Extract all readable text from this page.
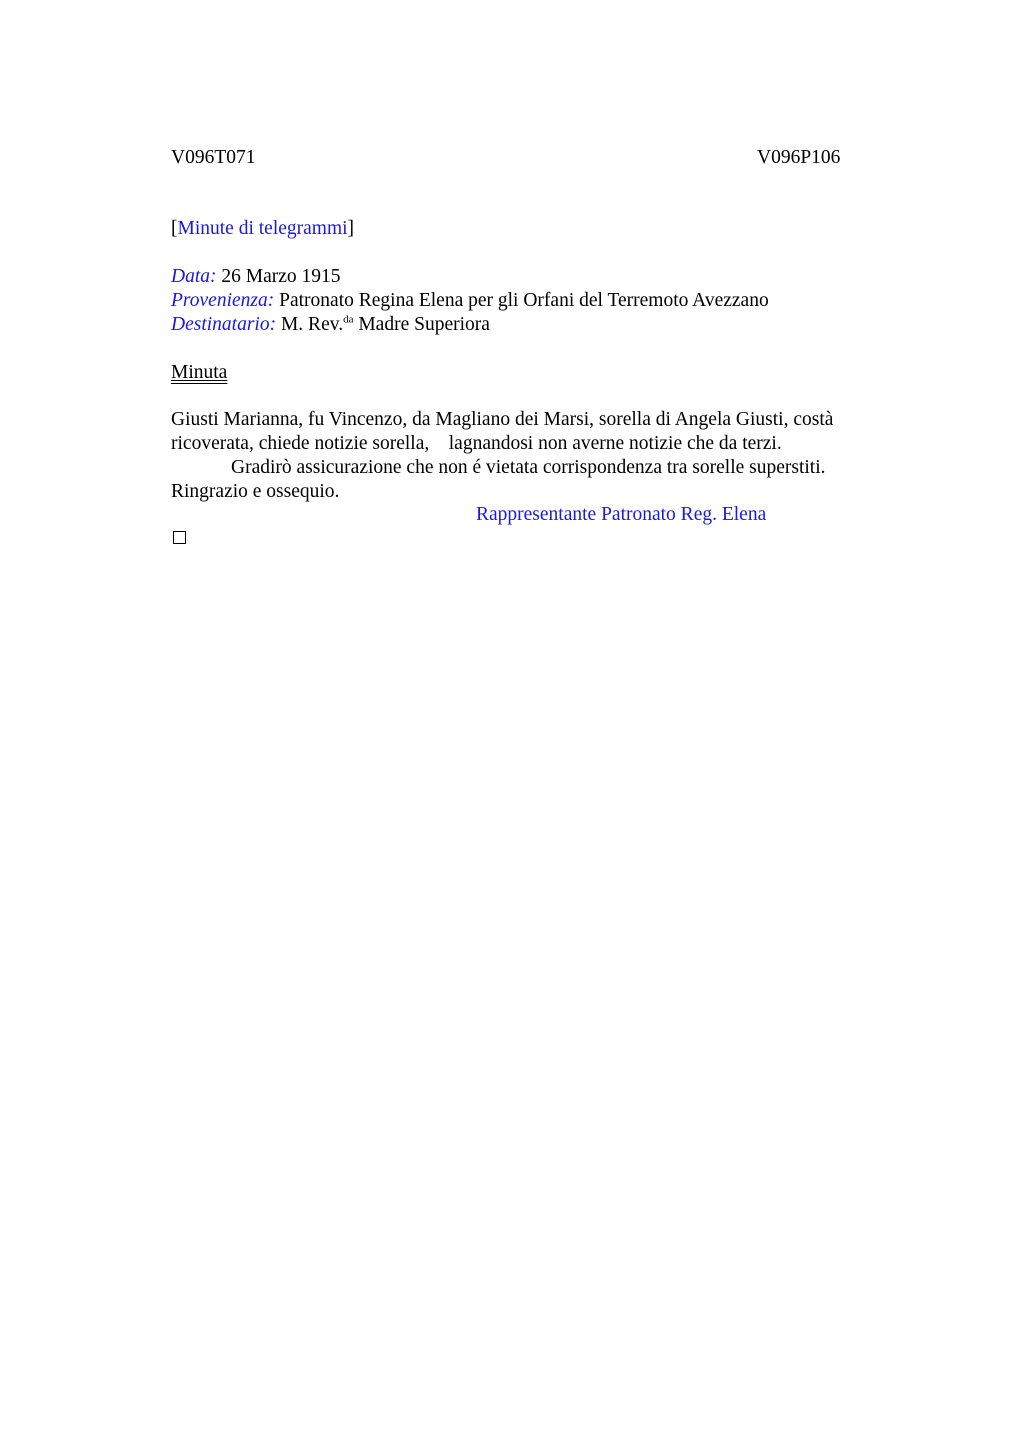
V096T071	V096P106
[Minute di telegrammi]
Data: 26 Marzo 1915
Provenienza: Patronato Regina Elena per gli Orfani del Terremoto Avezzano
Destinatario: M. Rev.$^{da}$ Madre Superiora
Minuta
Giusti Marianna, fu Vincenzo, da Magliano dei Marsi, sorella di Angela Giusti, costà
ricoverata, chiede notizie sorella,    lagnandosi non averne notizie che da terzi.
Gradirò assicurazione che non é vietata corrispondenza tra sorelle superstiti.
Ringrazio e ossequio.
Rappresentante Patronato Reg. Elena
